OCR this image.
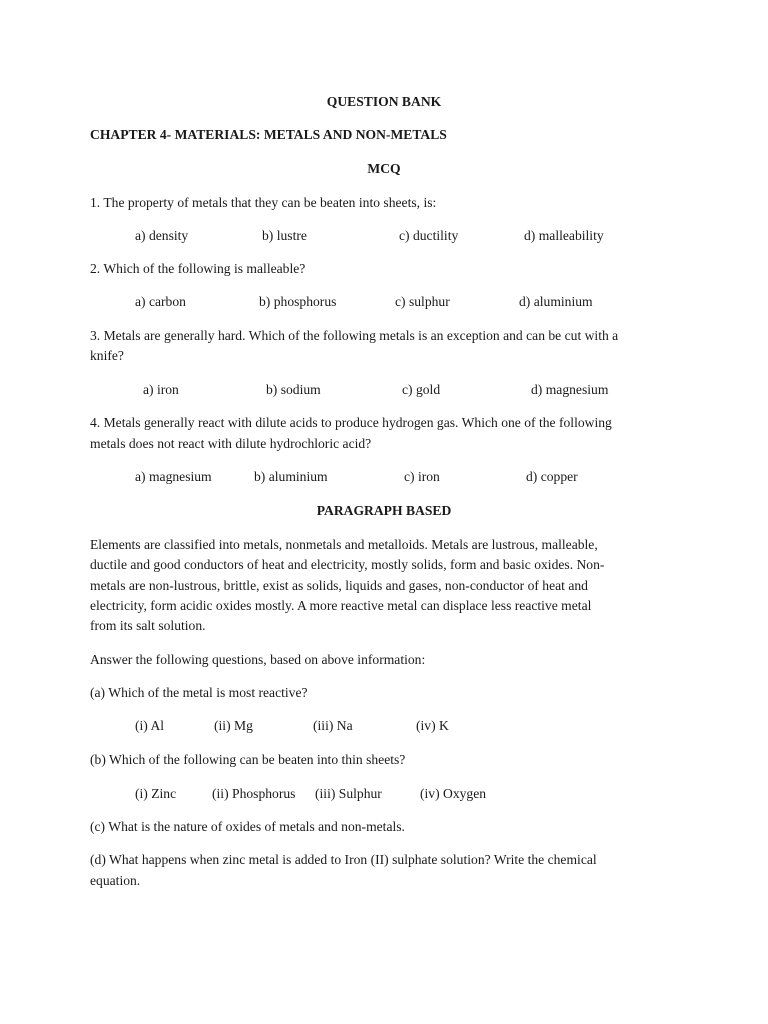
QUESTION BANK
CHAPTER 4- MATERIALS: METALS AND NON-METALS
MCQ
1. The property of metals that they can be beaten into sheets, is:
a) density	b) lustre	c) ductility	d) malleability
2. Which of the following is malleable?
a) carbon	b) phosphorus	c) sulphur	d) aluminium
3. Metals are generally hard. Which of the following metals is an exception and can be cut with a
knife?
a) iron	b) sodium	c) gold	d) magnesium
4. Metals generally react with dilute acids to produce hydrogen gas. Which one of the following
metals does not react with dilute hydrochloric acid?
a) magnesium	b) aluminium	c) iron	d) copper
PARAGRAPH BASED
Elements are classified into metals, nonmetals and metalloids. Metals are lustrous, malleable,
ductile and good conductors of heat and electricity, mostly solids, form and basic oxides. Non-
metals are non-lustrous, brittle, exist as solids, liquids and gases, non-conductor of heat and
electricity, form acidic oxides mostly. A more reactive metal can displace less reactive metal
from its salt solution.
Answer the following questions, based on above information:
(a) Which of the metal is most reactive?
(i) Al	(ii) Mg	(iii) Na	(iv) K
(b) Which of the following can be beaten into thin sheets?
(i) Zinc	(ii) Phosphorus (iii) Sulphur	(iv) Oxygen
(c) What is the nature of oxides of metals and non-metals.
(d) What happens when zinc metal is added to Iron (II) sulphate solution? Write the chemical
equation.
